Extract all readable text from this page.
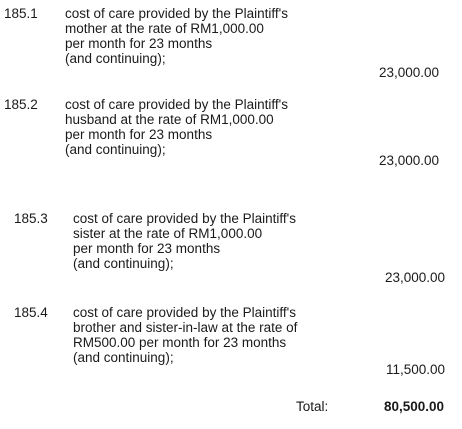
185.1 cost of care provided by the Plaintiff's
mother at the rate of RM1,000.00
per month for 23 months
(and continuing);
23,000.00
185.2 cost of care provided by the Plaintiff's
husband at the rate of RM1,000.00
per month for 23 months
(and continuing);
23,000.00
185.3 cost of care provided by the Plaintiff's
sister at the rate of RM1,000.00
per month for 23 months
(and continuing);
23,000.00
185.4 cost of care provided by the Plaintiff's
brother and sister-in-law at the rate of
RM500.00 per month for 23 months
(and continuing);
11,500.00
Total:	80,500.00
